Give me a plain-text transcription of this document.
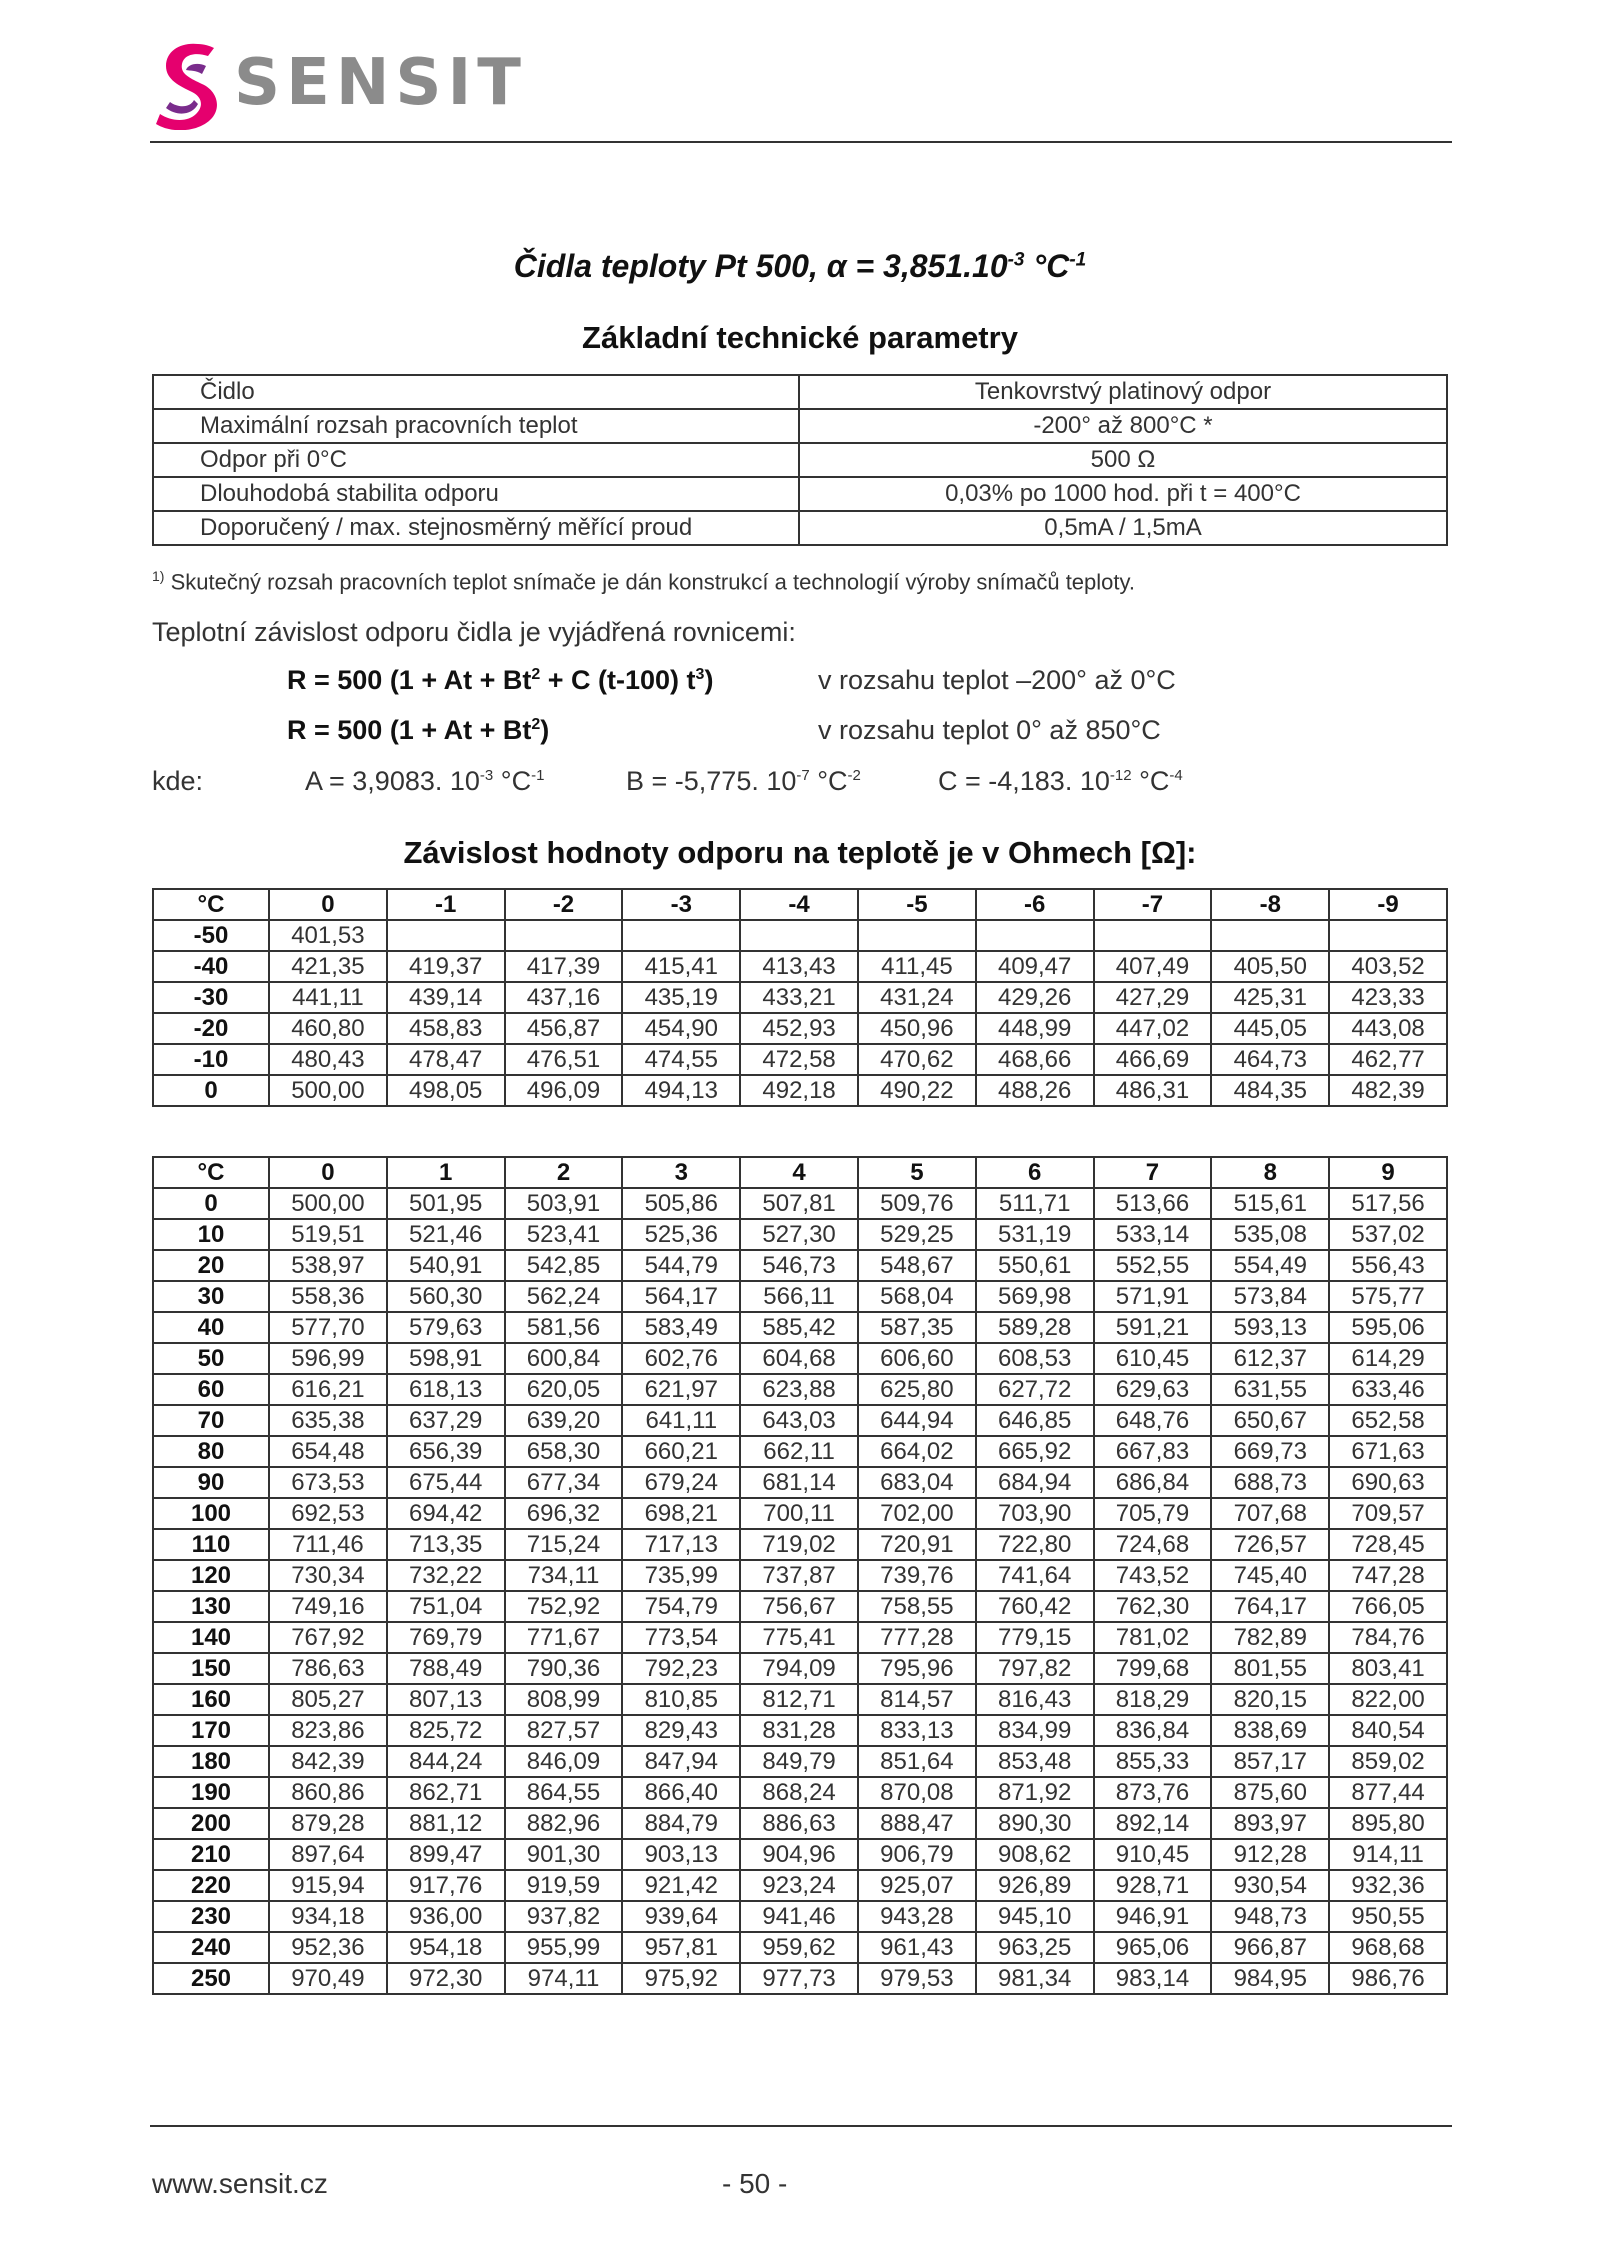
SENSIT
Čidla teploty Pt 500, $\alpha = 3,851.10^{-3}$ $^\circ C^{-1}$
Základní technické parametry
Čidlo	Tenkovrstvý platinový odpor
Maximální rozsah pracovních teplot	-200° až 800°C *
Odpor při 0°C	500 Ω
Dlouhodobá stabilita odporu	0,03% po 1000 hod. při t = 400°C
Doporučený / max. stejnosměrný měřící proud	0,5mA / 1,5mA
$^{1)}$ Skutečný rozsah pracovních teplot snímače je dán konstrukcí a technologií výroby snímačů teploty.
Teplotní závislost odporu čidla je vyjádřená rovnicemi:
R = 500 ($1 + At + Bt^2 + C$ (t-100) $t^3$)	v rozsahu teplot –200° až 0°C
R = 500 $(1 + At + Bt^2)$	v rozsahu teplot 0° až 850°C
kde:	A = 3,9083. $10^{-3}$ $^\circ C^{-1}$	B = -5,775. $10^{-7}$ $^\circ C^{-2}$	C = -4,183. $10^{-12}$ $^\circ C^{-4}$
Závislost hodnoty odporu na teplotě je v Ohmech [Ω]:
°C	0	-1	-2	-3	-4	-5	-6	-7	-8	-9
-50	401,53									
-40	421,35	419,37	417,39	415,41	413,43	411,45	409,47	407,49	405,50	403,52
-30	441,11	439,14	437,16	435,19	433,21	431,24	429,26	427,29	425,31	423,33
-20	460,80	458,83	456,87	454,90	452,93	450,96	448,99	447,02	445,05	443,08
-10	480,43	478,47	476,51	474,55	472,58	470,62	468,66	466,69	464,73	462,77
0	500,00	498,05	496,09	494,13	492,18	490,22	488,26	486,31	484,35	482,39
°C	0	1	2	3	4	5	6	7	8	9
0	500,00	501,95	503,91	505,86	507,81	509,76	511,71	513,66	515,61	517,56
10	519,51	521,46	523,41	525,36	527,30	529,25	531,19	533,14	535,08	537,02
20	538,97	540,91	542,85	544,79	546,73	548,67	550,61	552,55	554,49	556,43
30	558,36	560,30	562,24	564,17	566,11	568,04	569,98	571,91	573,84	575,77
40	577,70	579,63	581,56	583,49	585,42	587,35	589,28	591,21	593,13	595,06
50	596,99	598,91	600,84	602,76	604,68	606,60	608,53	610,45	612,37	614,29
60	616,21	618,13	620,05	621,97	623,88	625,80	627,72	629,63	631,55	633,46
70	635,38	637,29	639,20	641,11	643,03	644,94	646,85	648,76	650,67	652,58
80	654,48	656,39	658,30	660,21	662,11	664,02	665,92	667,83	669,73	671,63
90	673,53	675,44	677,34	679,24	681,14	683,04	684,94	686,84	688,73	690,63
100	692,53	694,42	696,32	698,21	700,11	702,00	703,90	705,79	707,68	709,57
110	711,46	713,35	715,24	717,13	719,02	720,91	722,80	724,68	726,57	728,45
120	730,34	732,22	734,11	735,99	737,87	739,76	741,64	743,52	745,40	747,28
130	749,16	751,04	752,92	754,79	756,67	758,55	760,42	762,30	764,17	766,05
140	767,92	769,79	771,67	773,54	775,41	777,28	779,15	781,02	782,89	784,76
150	786,63	788,49	790,36	792,23	794,09	795,96	797,82	799,68	801,55	803,41
160	805,27	807,13	808,99	810,85	812,71	814,57	816,43	818,29	820,15	822,00
170	823,86	825,72	827,57	829,43	831,28	833,13	834,99	836,84	838,69	840,54
180	842,39	844,24	846,09	847,94	849,79	851,64	853,48	855,33	857,17	859,02
190	860,86	862,71	864,55	866,40	868,24	870,08	871,92	873,76	875,60	877,44
200	879,28	881,12	882,96	884,79	886,63	888,47	890,30	892,14	893,97	895,80
210	897,64	899,47	901,30	903,13	904,96	906,79	908,62	910,45	912,28	914,11
220	915,94	917,76	919,59	921,42	923,24	925,07	926,89	928,71	930,54	932,36
230	934,18	936,00	937,82	939,64	941,46	943,28	945,10	946,91	948,73	950,55
240	952,36	954,18	955,99	957,81	959,62	961,43	963,25	965,06	966,87	968,68
250	970,49	972,30	974,11	975,92	977,73	979,53	981,34	983,14	984,95	986,76
www.sensit.cz	- 50 -
